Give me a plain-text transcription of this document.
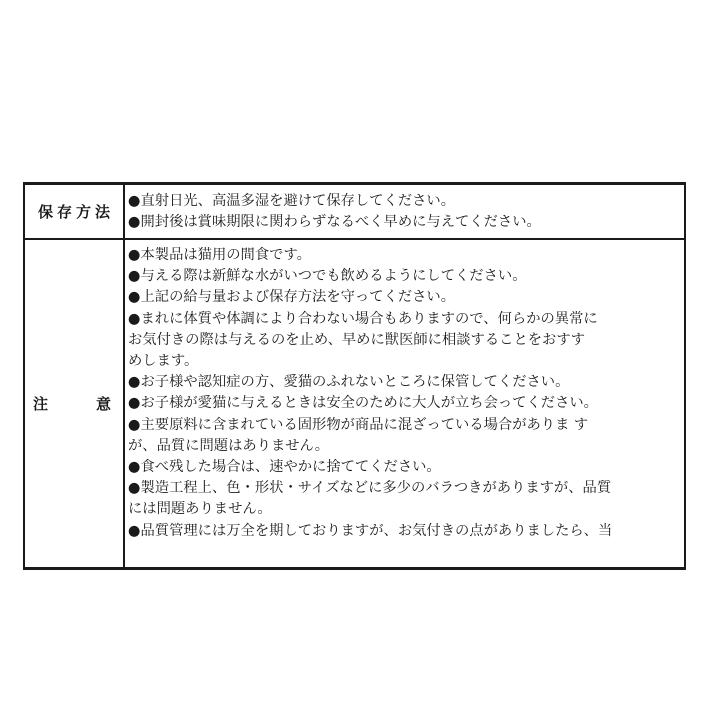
保存方法
●直射日光、高温多湿を避けて保存してください。
●開封後は賞味期限に関わらずなるべく早めに与えてください。
注	意
●本製品は猫用の間食です。
●与える際は新鮮な水がいつでも飲めるようにしてください。
●上記の給与量および保存方法を守ってください。
●まれに体質や体調により合わない場合もありますので、何らかの異常に
お気付きの際は与えるのを止め、早めに獣医師に相談することをおすす
めします。
●お子様や認知症の方、愛猫のふれないところに保管してください。
●お子様が愛猫に与えるときは安全のために大人が立ち会ってください。
●主要原料に含まれている固形物が商品に混ざっている場合がありま す
が、品質に問題はありません。
●食べ残した場合は、速やかに捨ててください。
●製造工程上、色・形状・サイズなどに多少のバラつきがありますが、品質
には問題ありません。
●品質管理には万全を期しておりますが、お気付きの点がありましたら、当
